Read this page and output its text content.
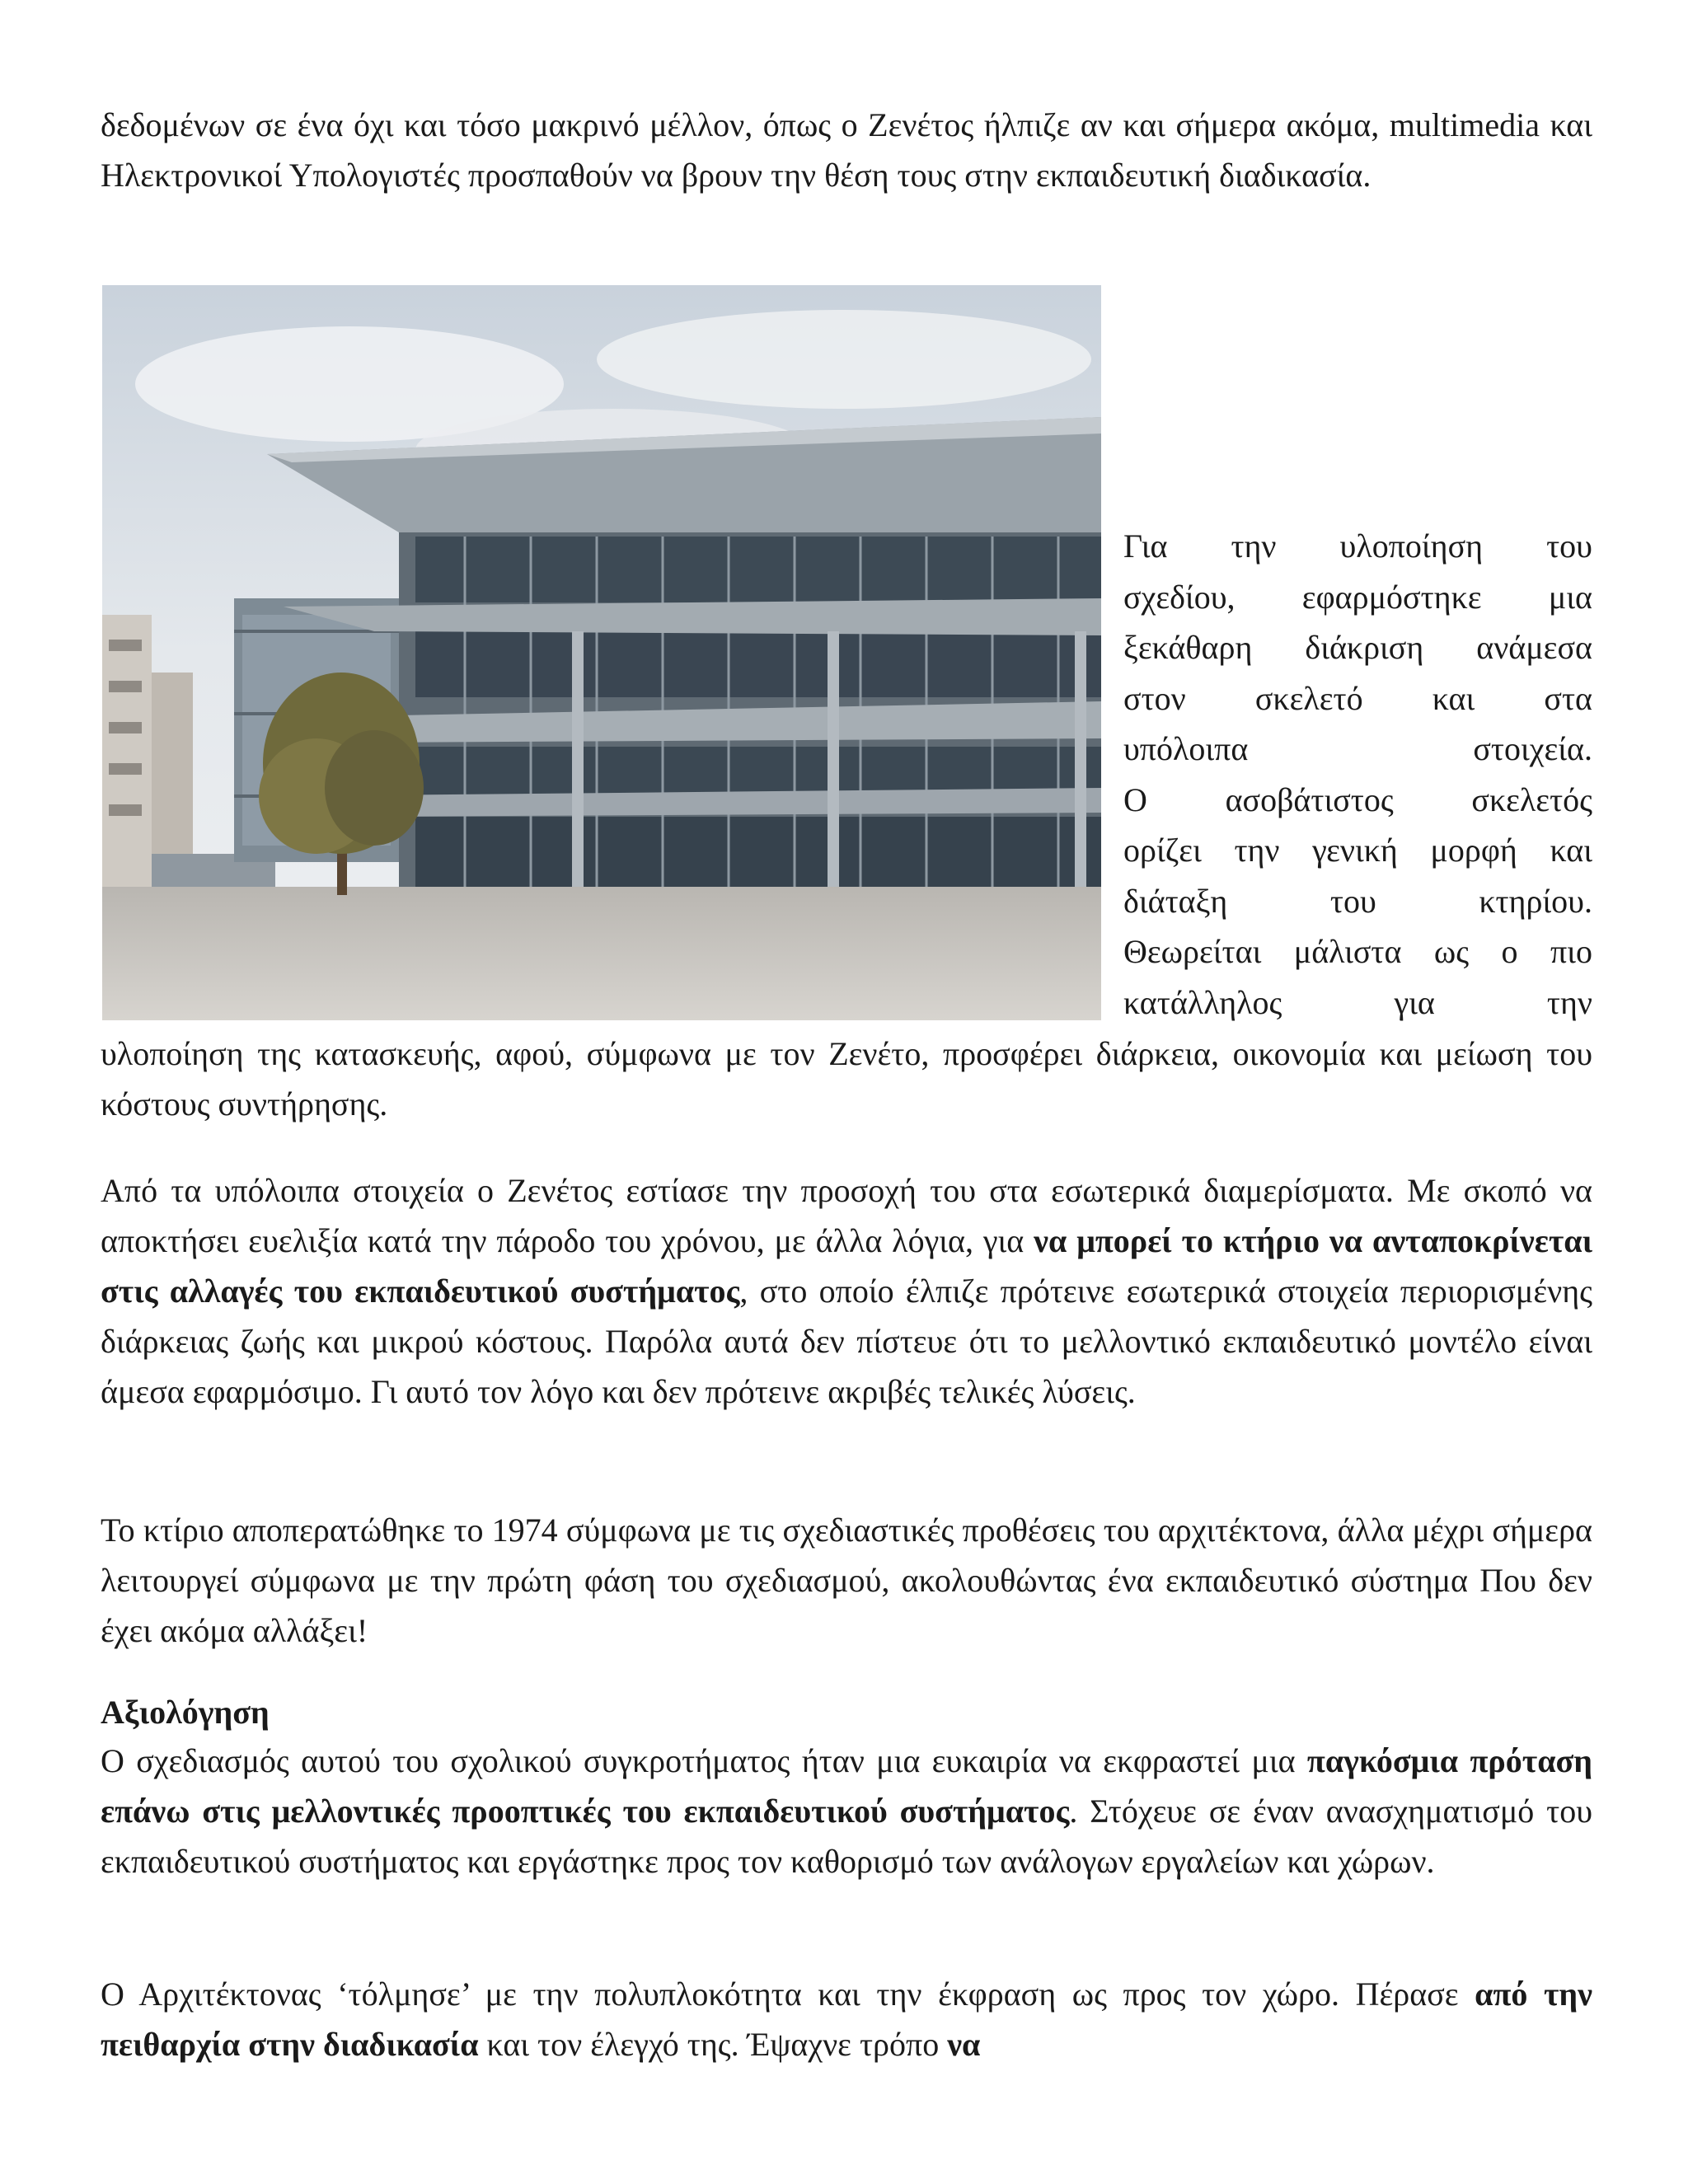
δεδομένων σε ένα όχι και τόσο μακρινό μέλλον, όπως ο Ζενέτος ήλπιζε αν και σήμερα ακόμα, multimedia και Ηλεκτρονικοί Υπολογιστές προσπαθούν να βρουν την θέση τους στην εκπαιδευτική διαδικασία.

Για την υλοποίηση του
σχεδίου, εφαρμόστηκε μια
ξεκάθαρη διάκριση ανάμεσα
στον σκελετό και στα
υπόλοιπα	στοιχεία.
Ο ασοβάτιστος σκελετός
ορίζει την γενική μορφή και
διάταξη	του	κτηρίου.
Θεωρείται μάλιστα ως ο πιο
κατάλληλος	για	την

υλοποίηση της κατασκευής, αφού, σύμφωνα με τον Ζενέτο, προσφέρει διάρκεια, οικονομία και μείωση του κόστους συντήρησης.

Από τα υπόλοιπα στοιχεία ο Ζενέτος εστίασε την προσοχή του στα εσωτερικά διαμερίσματα. Με σκοπό να αποκτήσει ευελιξία κατά την πάροδο του χρόνου, με άλλα λόγια, για να μπορεί το κτήριο να ανταποκρίνεται στις αλλαγές του εκπαιδευτικού συστήματος, στο οποίο έλπιζε πρότεινε εσωτερικά στοιχεία περιορισμένης διάρκειας ζωής και μικρού κόστους. Παρόλα αυτά δεν πίστευε ότι το μελλοντικό εκπαιδευτικό μοντέλο είναι άμεσα εφαρμόσιμο. Γι αυτό τον λόγο και δεν πρότεινε ακριβές τελικές λύσεις.

Το κτίριο αποπερατώθηκε το 1974 σύμφωνα με τις σχεδιαστικές προθέσεις του αρχιτέκτονα, άλλα μέχρι σήμερα λειτουργεί σύμφωνα με την πρώτη φάση του σχεδιασμού, ακολουθώντας ένα εκπαιδευτικό σύστημα Που δεν έχει ακόμα αλλάξει!

Αξιολόγηση

Ο σχεδιασμός αυτού του σχολικού συγκροτήματος ήταν μια ευκαιρία να εκφραστεί μια παγκόσμια πρόταση επάνω στις μελλοντικές προοπτικές του εκπαιδευτικού συστήματος. Στόχευε σε έναν ανασχηματισμό του εκπαιδευτικού συστήματος και εργάστηκε προς τον καθορισμό των ανάλογων εργαλείων και χώρων.

Ο Αρχιτέκτονας ‘τόλμησε’ με την πολυπλοκότητα και την έκφραση ως προς τον χώρο. Πέρασε από την πειθαρχία στην διαδικασία και τον έλεγχό της. Έψαχνε τρόπο να
